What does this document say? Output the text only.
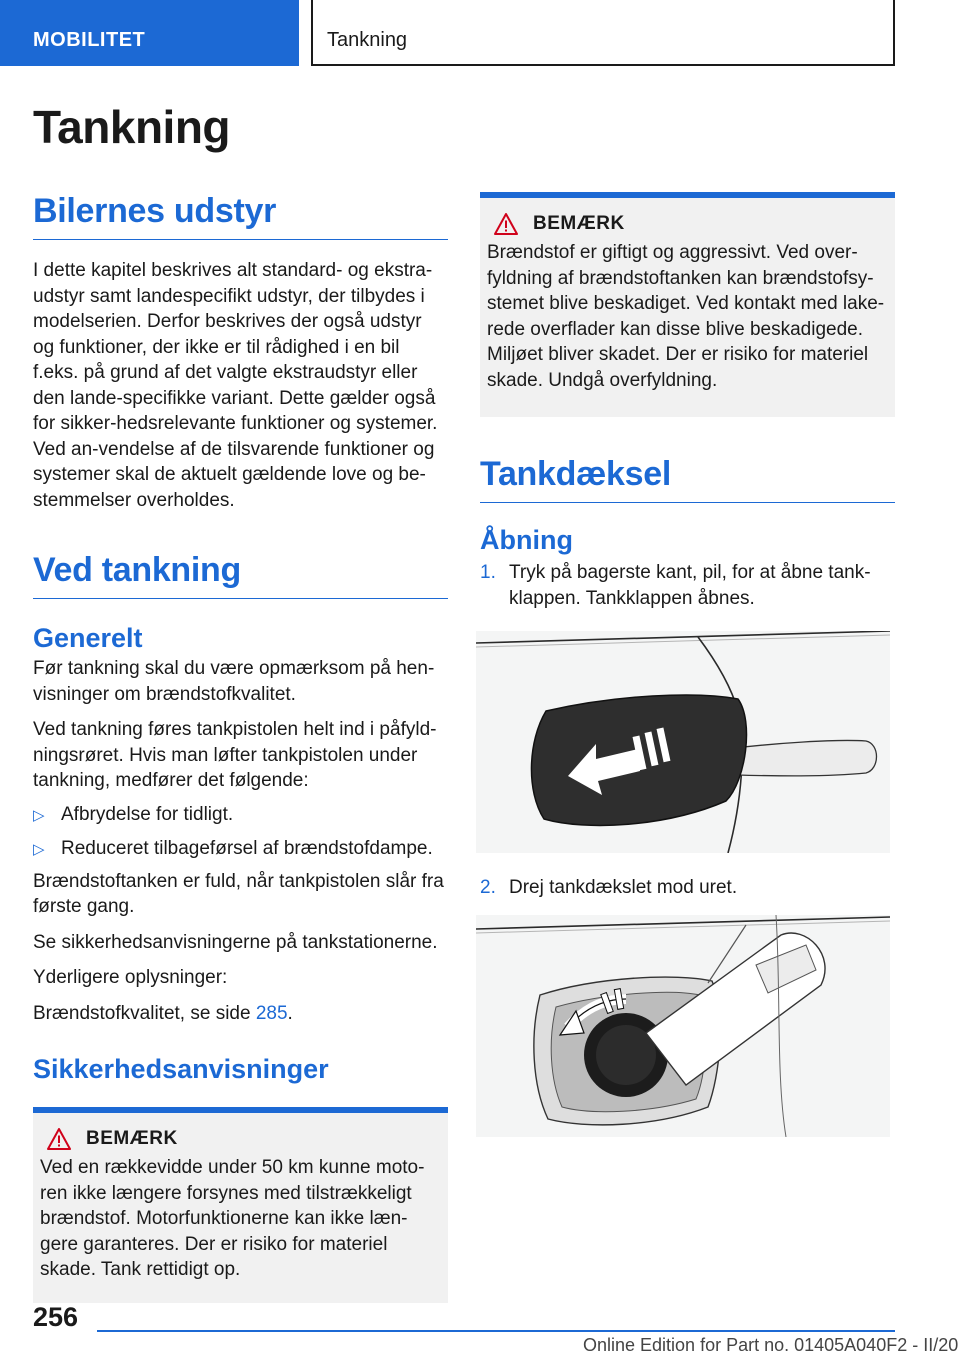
MOBILITET	Tankning
Tankning
Bilernes udstyr

I dette kapitel beskrives alt standard- og ekstra-udstyr samt landespecifikt udstyr, der tilbydes i modelserien. Derfor beskrives der også udstyr og funktioner, der ikke er til rådighed i en bil f.eks. på grund af det valgte ekstraudstyr eller den lande-specifikke variant. Dette gælder også for sikker-hedsrelevante funktioner og systemer. Ved an-vendelse af de tilsvarende funktioner og systemer skal de aktuelt gældende love og be-stemmelser overholdes.

Ved tankning
Generelt

Før tankning skal du være opmærksom på hen-visninger om brændstofkvalitet.

Ved tankning føres tankpistolen helt ind i påfyld-ningsrøret. Hvis man løfter tankpistolen under tankning, medfører det følgende:

▷ Afbrydelse for tidligt.
▷ Reduceret tilbageførsel af brændstofdampe.

Brændstoftanken er fuld, når tankpistolen slår fra første gang.

Se sikkerhedsanvisningerne på tankstationerne.

Yderligere oplysninger:

Brændstofkvalitet, se side 285.

Sikkerhedsanvisninger
BEMÆRK

Ved en rækkevidde under 50 km kunne moto-ren ikke længere forsynes med tilstrækkeligt brændstof. Motorfunktionerne kan ikke læn-gere garanteres. Der er risiko for materiel skade. Tank rettidigt op.

BEMÆRK

Brændstof er giftigt og aggressivt. Ved over-fyldning af brændstoftanken kan brændstofsy-stemet blive beskadiget. Ved kontakt med lake-rede overflader kan disse blive beskadigede. Miljøet bliver skadet. Der er risiko for materiel skade. Undgå overfyldning.

Tankdæksel
Åbning
1. Tryk på bagerste kant, pil, for at åbne tank-klappen. Tankklappen åbnes.
2. Drej tankdækslet mod uret.
256
Online Edition for Part no. 01405A040F2 - II/20
